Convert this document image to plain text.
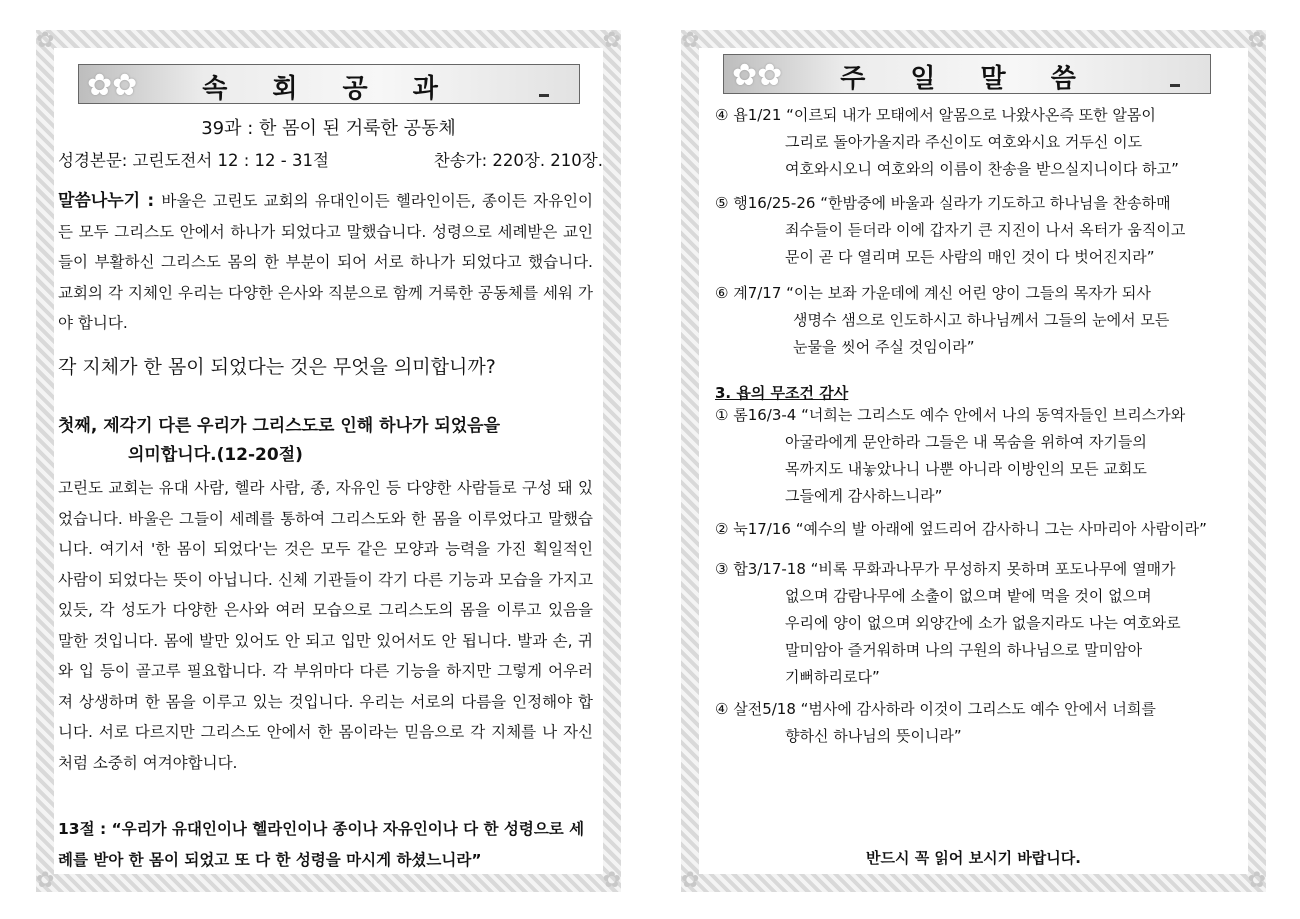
✿	✿
✿	✿
✿✿	속 회 공 과
39과 : 한 몸이 된 거룩한 공동체
성경본문: 고린도전서 12 : 12 - 31절	찬송가: 220장. 210장.
말씀나누기 : 바울은 고린도 교회의 유대인이든 헬라인이든, 종이든 자유인이든 모두 그리스도 안에서 하나가 되었다고 말했습니다. 성령으로 세례받은 교인들이 부활하신 그리스도 몸의 한 부분이 되어 서로 하나가 되었다고 했습니다. 교회의 각 지체인 우리는 다양한 은사와 직분으로 함께 거룩한 공동체를 세워 가야 합니다.
각 지체가 한 몸이 되었다는 것은 무엇을 의미합니까?
첫째, 제각기 다른 우리가 그리스도로 인해 하나가 되었음을
의미합니다.(12-20절)
고린도 교회는 유대 사람, 헬라 사람, 종, 자유인 등 다양한 사람들로 구성 돼 있었습니다. 바울은 그들이 세례를 통하여 그리스도와 한 몸을 이루었다고 말했습니다. 여기서 '한 몸이 되었다'는 것은 모두 같은 모양과 능력을 가진 획일적인 사람이 되었다는 뜻이 아닙니다. 신체 기관들이 각기 다른 기능과 모습을 가지고 있듯, 각 성도가 다양한 은사와 여러 모습으로 그리스도의 몸을 이루고 있음을 말한 것입니다. 몸에 발만 있어도 안 되고 입만 있어서도 안 됩니다. 발과 손, 귀와 입 등이 골고루 필요합니다. 각 부위마다 다른 기능을 하지만 그렇게 어우러져 상생하며 한 몸을 이루고 있는 것입니다. 우리는 서로의 다름을 인정해야 합니다. 서로 다르지만 그리스도 안에서 한 몸이라는 믿음으로 각 지체를 나 자신처럼 소중히 여겨야합니다.
13절 : “우리가 유대인이나 헬라인이나 종이나 자유인이나 다 한 성령으로 세례를 받아 한 몸이 되었고 또 다 한 성령을 마시게 하셨느니라”
✿	✿
✿	✿
✿✿	주 일 말 씀
④ 욥1/21 “이르되 내가 모태에서 알몸으로 나왔사온즉 또한 알몸이
그리로 돌아가올지라 주신이도 여호와시요 거두신 이도
여호와시오니 여호와의 이름이 찬송을 받으실지니이다 하고”
⑤ 행16/25-26 “한밤중에 바울과 실라가 기도하고 하나님을 찬송하매
죄수들이 듣더라 이에 갑자기 큰 지진이 나서 옥터가 움직이고
문이 곧 다 열리며 모든 사람의 매인 것이 다 벗어진지라”
⑥ 계7/17 “이는 보좌 가운데에 계신 어린 양이 그들의 목자가 되사
생명수 샘으로 인도하시고 하나님께서 그들의 눈에서 모든
눈물을 씻어 주실 것임이라”
3. 욥의 무조건 감사
① 롬16/3-4 “너희는 그리스도 예수 안에서 나의 동역자들인 브리스가와
아굴라에게 문안하라 그들은 내 목숨을 위하여 자기들의
목까지도 내놓았나니 나뿐 아니라 이방인의 모든 교회도
그들에게 감사하느니라”
② 눅17/16 “예수의 발 아래에 엎드리어 감사하니 그는 사마리아 사람이라”
③ 합3/17-18 “비록 무화과나무가 무성하지 못하며 포도나무에 열매가
없으며 감람나무에 소출이 없으며 밭에 먹을 것이 없으며
우리에 양이 없으며 외양간에 소가 없을지라도 나는 여호와로
말미암아 즐거워하며 나의 구원의 하나님으로 말미암아
기뻐하리로다”
④ 살전5/18 “범사에 감사하라 이것이 그리스도 예수 안에서 너희를
향하신 하나님의 뜻이니라”
반드시 꼭 읽어 보시기 바랍니다.
